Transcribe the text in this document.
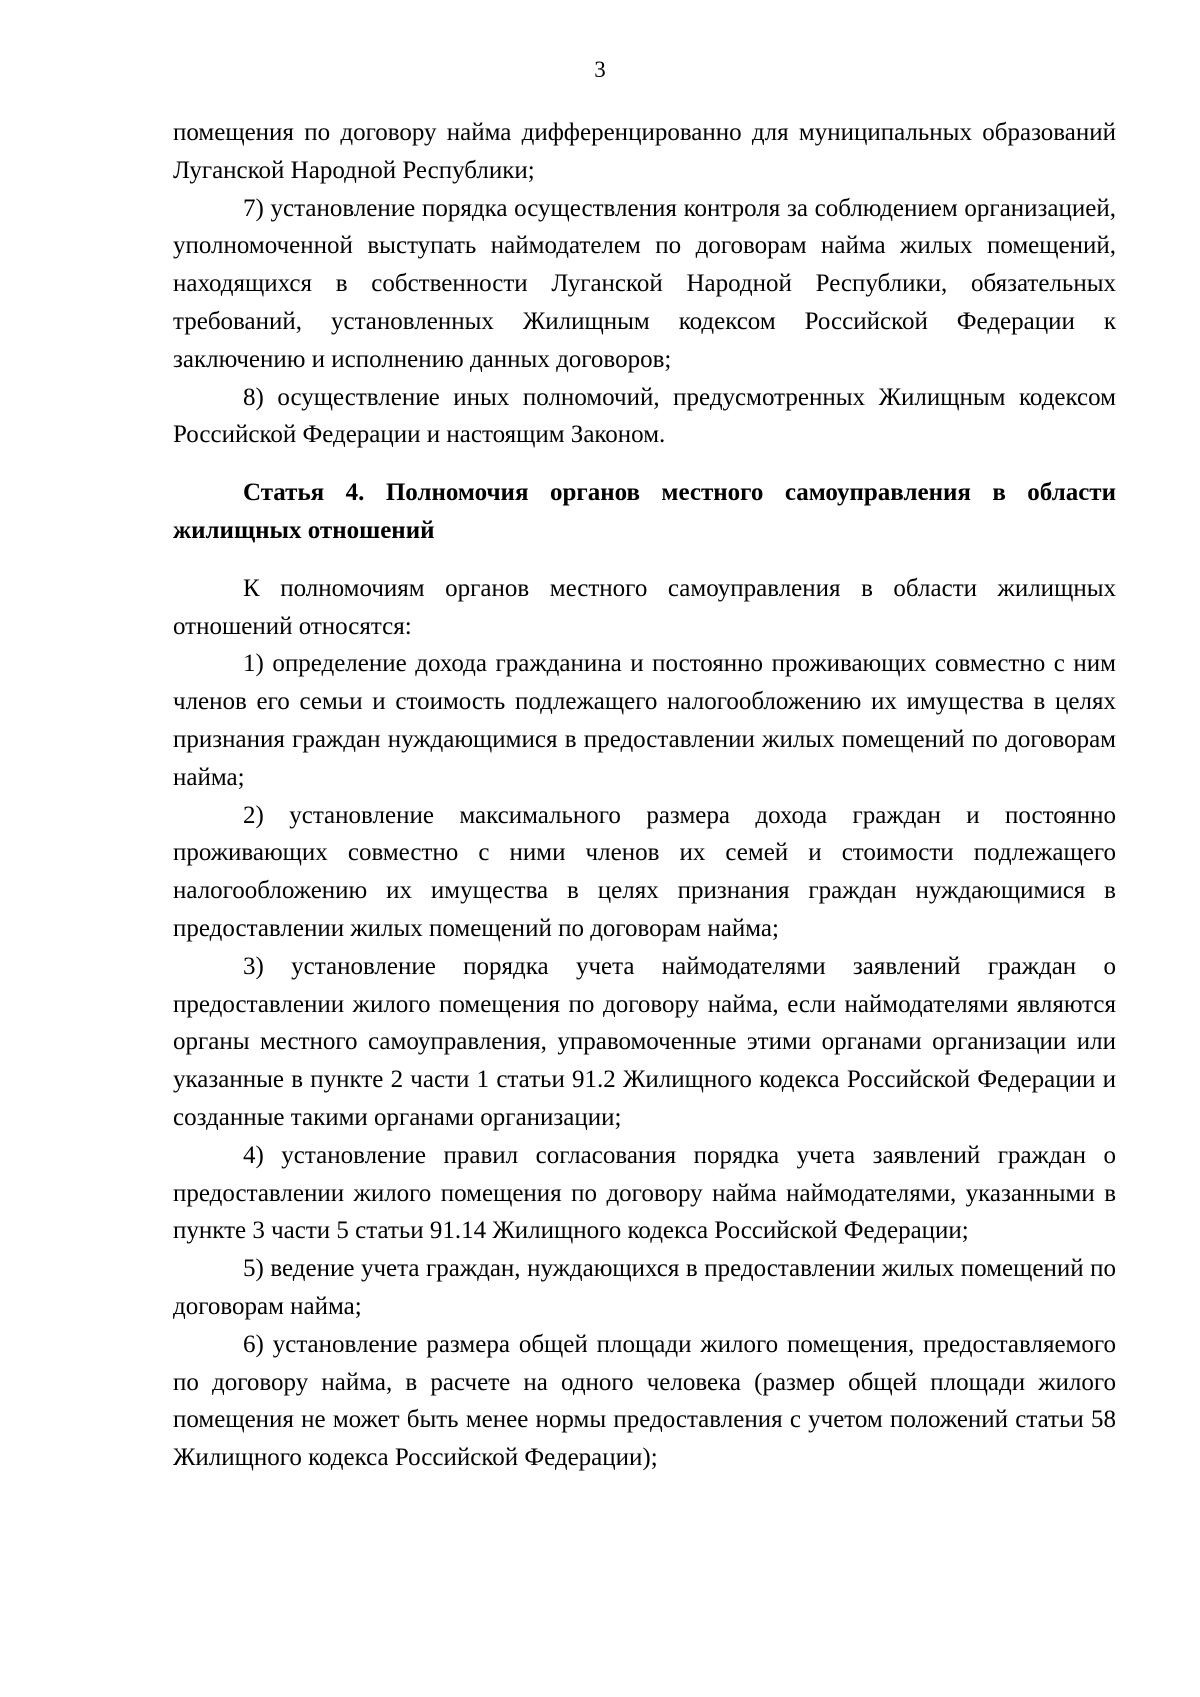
3

помещения по договору найма дифференцированно для муниципальных образований Луганской Народной Республики;

7) установление порядка осуществления контроля за соблюдением организацией, уполномоченной выступать наймодателем по договорам найма жилых помещений, находящихся в собственности Луганской Народной Республики, обязательных требований, установленных Жилищным кодексом Российской Федерации к заключению и исполнению данных договоров;

8) осуществление иных полномочий, предусмотренных Жилищным кодексом Российской Федерации и настоящим Законом.

Статья 4. Полномочия органов местного самоуправления в области жилищных отношений

К полномочиям органов местного самоуправления в области жилищных отношений относятся:

1) определение дохода гражданина и постоянно проживающих совместно с ним членов его семьи и стоимость подлежащего налогообложению их имущества в целях признания граждан нуждающимися в предоставлении жилых помещений по договорам найма;

2) установление максимального размера дохода граждан и постоянно проживающих совместно с ними членов их семей и стоимости подлежащего налогообложению их имущества в целях признания граждан нуждающимися в предоставлении жилых помещений по договорам найма;

3) установление порядка учета наймодателями заявлений граждан о предоставлении жилого помещения по договору найма, если наймодателями являются органы местного самоуправления, управомоченные этими органами организации или указанные в пункте 2 части 1 статьи 91.2 Жилищного кодекса Российской Федерации и созданные такими органами организации;

4) установление правил согласования порядка учета заявлений граждан о предоставлении жилого помещения по договору найма наймодателями, указанными в пункте 3 части 5 статьи 91.14 Жилищного кодекса Российской Федерации;

5) ведение учета граждан, нуждающихся в предоставлении жилых помещений по договорам найма;

6) установление размера общей площади жилого помещения, предоставляемого по договору найма, в расчете на одного человека (размер общей площади жилого помещения не может быть менее нормы предоставления с учетом положений статьи 58 Жилищного кодекса Российской Федерации);
